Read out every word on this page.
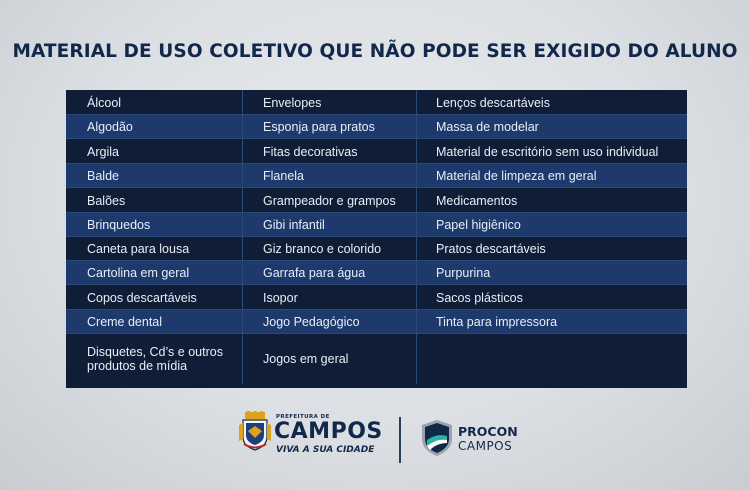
MATERIAL DE USO COLETIVO QUE NÃO PODE SER EXIGIDO DO ALUNO
Álcool	Envelopes	Lenços descartáveis
Algodão	Esponja para pratos	Massa de modelar
Argila	Fitas decorativas	Material de escritório sem uso individual
Balde	Flanela	Material de limpeza em geral
Balões	Grampeador e grampos	Medicamentos
Brinquedos	Gibi infantil	Papel higiênico
Caneta para lousa	Giz branco e colorido	Pratos descartáveis
Cartolina em geral	Garrafa para água	Purpurina
Copos descartáveis	Isopor	Sacos plásticos
Creme dental	Jogo Pedagógico	Tinta para impressora
Disquetes, Cd’s e outros produtos de mídia	Jogos em geral
PREFEITURA DE
CAMPOS
VIVA A SUA CIDADE
PROCON
CAMPOS
